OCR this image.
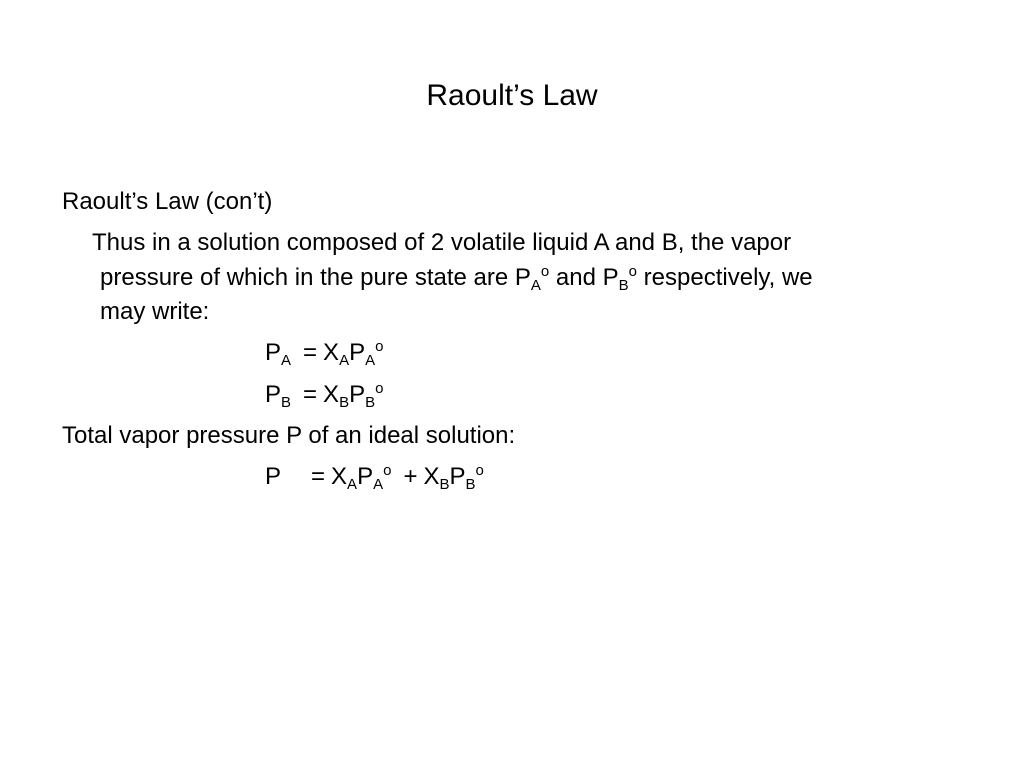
Raoult’s Law
Raoult’s Law (con’t)
Thus in a solution composed of 2 volatile liquid A and B, the vapor
pressure of which in the pure state are $P_A^o$ and $P_B^o$ respectively, we
may write:
$P_A = X_AP_A^o$
$P_B = X_BP_B^o$
Total vapor pressure P of an ideal solution:
$P = X_AP_A^o + X_BP_B^o$
